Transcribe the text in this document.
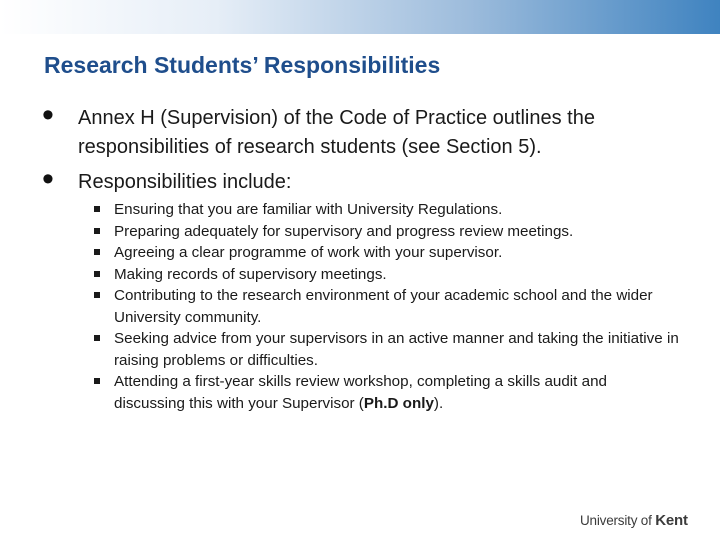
Research Students’ Responsibilities
• Annex H (Supervision) of the Code of Practice outlines the responsibilities of research students (see Section 5).
• Responsibilities include:
Ensuring that you are familiar with University Regulations.
Preparing adequately for supervisory and progress review meetings.
Agreeing a clear programme of work with your supervisor.
Making records of supervisory meetings.
Contributing to the research environment of your academic school and the wider University community.
Seeking advice from your supervisors in an active manner and taking the initiative in raising problems or difficulties.
Attending a first-year skills review workshop, completing a skills audit and discussing this with your Supervisor (Ph.D only).
University of Kent
